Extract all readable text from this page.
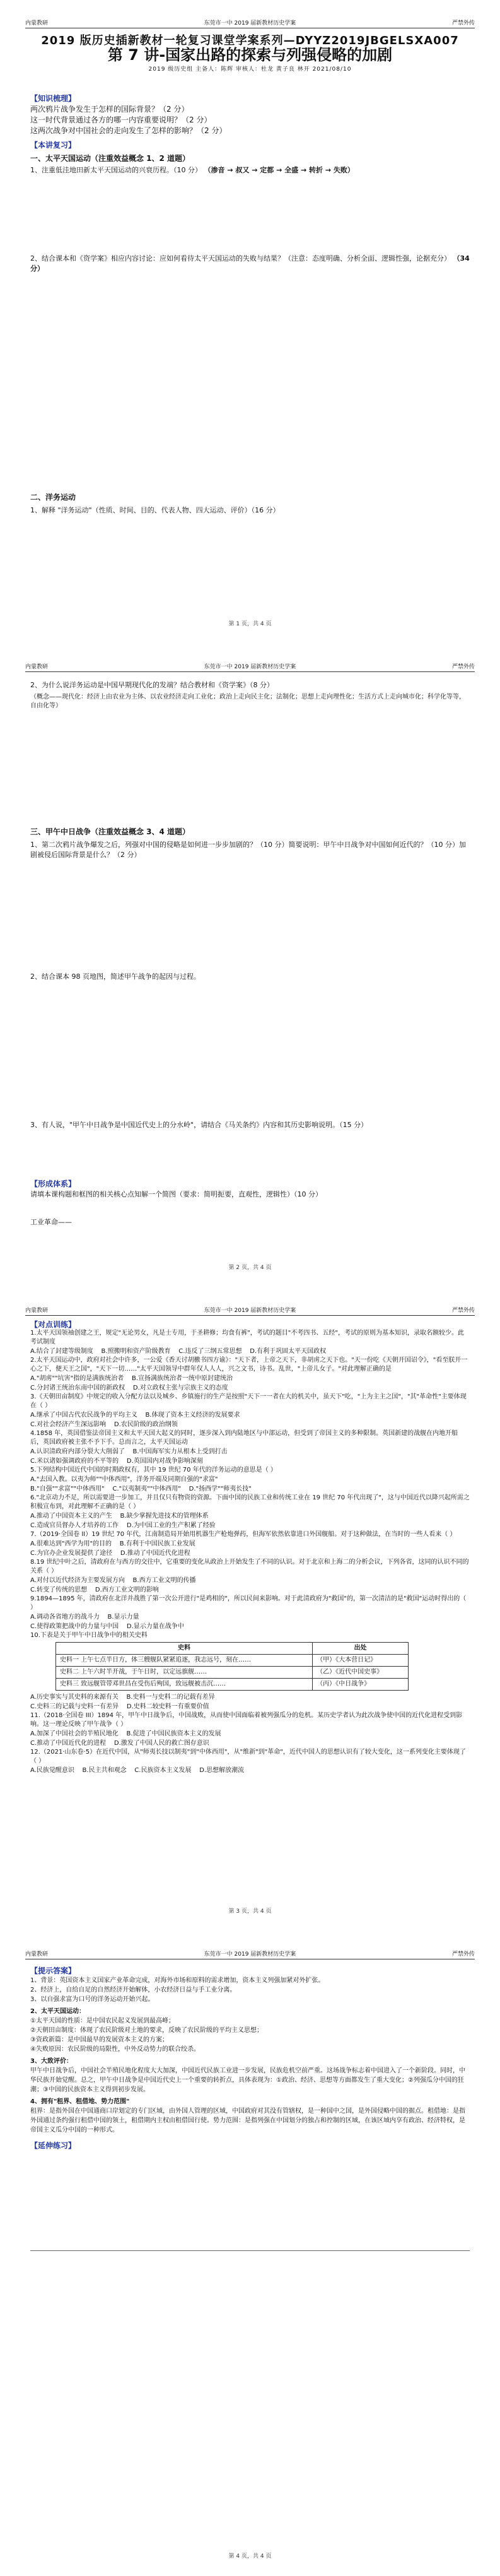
内蒙教研	东莞市一中 2019 届新教材历史学案	严禁外传
2019 版历史插新教材一轮复习课堂学案系列—DYYZ2019JBGELSXA007
第 7 讲-国家出路的探索与列强侵略的加剧
2019 级历史组 主备人：陈辉 审核人：杜龙 黄子良 林开 2021/08/10
【知识梳理】
两次鸦片战争发生于怎样的国际背景？（2 分）
这一时代背景通过各方的哪一内容重要说明？（2 分）
这两次战争对中国社会的走向发生了怎样的影响？（2 分）
【本讲复习】
一、太平天国运动（注重效益概念 1、2 道题）
1、注重低洼地田新太平天国运动的兴衰历程。（10 分） （渗音 → 叔又 → 定都 → 全盛 → 转折 → 失败）
2、结合课本和《资学案》相应内容讨论：应如何看待太平天国运动的失败与结果？（注意：态度明确、分析全面、逻辑性强，论据充分） （34 分）
二、洋务运动
1、解释 "洋务运动"（性质、时间、目的、代表人物、四大运动、评价）（16 分）
第 1 页，共 4 页
内蒙教研	东莞市一中 2019 届新教材历史学案	严禁外传
2、为什么说洋务运动是中国早期现代化的发端？结合教材和《资学案》（8 分）
（概念——现代化：经济上由农业为主体、以农业经济走向工业化；政治上走向民主化；法制化；思想上走向理性化；生活方式上走向城市化；科学化等等，自由化等）
三、甲午中日战争（注重效益概念 3、4 道题）
1、第二次鸦片战争爆发之后，列强对中国的侵略是如何进一步步加剧的？（10 分）简要说明：甲午中日战争对中国如何近代的？（10 分）加剧被侵后国际背景是什么？（2 分）
2、结合课本 98 页地图，简述甲午战争的起因与过程。
3、有人说，"甲午中日战争是中国近代史上的分水岭"，请结合《马关条约》内容和其历史影响说明。（15 分）
第 2 页，共 4 页
【形成体系】
请填本课构题和框图的相关核心点知解一个简图（要求：简明扼要，直观性，逻辑性）（10 分）
工业革命——
内蒙教研	东莞市一中 2019 届新教材历史学案	严禁外传
【对点训练】
1.太平天国领袖创建之王，规定"无论男女，凡是士专用，于圣耕修；均食有裤"，考试的题目"不考四书、五经"，考试的原则为基本知识，录取名额较少。此考试制度
A.结合了封建等级制度    B.照搬明和资产阶级教育    C.违反了三纲五常思想    D.有利于巩固太平天国政权
2.太平天国运动中，政府对社会中许多，一公爱《香天讨胡檄书四方谕》："天下者，上帝之天下，非胡虏之天下也。"天一份吃《天朝开国诏令》，"看至朕开一心之下，便天王之国"，"天下一切……"太平天国领导中群年仅人人人，兴之文书，诗书。乱世，"上帝儿女子。"对此理解正确的是
A."胡虏""坑害"指的是满族统治者    B.宣扬满族统治者一统中原封建统治
C.分封诸王统治东南中国的新政权    D.对立政权主张与宗族主义的态度
3.《天朝田亩制度》中规定的收入分配方法以及城乡、乡镇施行的生产是按照"天下一一者在大的机关中，虽天下"吃，"上为主主之国"，"其"革命性"主要体现在（ ）
A.继承了中国古代农民战争的平均主义    B.体现了资本主义经济的发展要求
C.对社会经济产生深远影响    D.农民阶级的政治纲领
4.1858 年，英国借鉴法帝国主义和太平天国大起义的同时，逐步深入到内陆地区与中部运动，但受到了帝国主义的多种限制。英国新建的战舰在内地开船后，英国政府被主张不予下手。总而言之，太平天国运动
A.认识清政府内部分裂大大削弱了    B.中国海军实力从根本上受到打击
C.米以诸如强调政府的不平等的    D.英国国内对战争影响深刻
5.下列结构中国近代中国的时期政权有，其中 19 世纪 70 年代的洋务运动的意思是（ ）
A."去国入教。以夷为师""中体西用"，洋务开端及同期自强的"求富"
B."自强""求富""中体西用"    C."以夷制夷""中体西用"    D."扬西学""师夷长技"
6."北京动力不足，所以需要进一步加工，并且仅只有物资的资源。下面中国的民族工业和传统工业在 19 世纪 70 年代出现了"，这与中国近代以降兴起所需之积极宣布到，对此理解不正确的是（ ）
A.推动了中国资本主义的产生    B.缺少掌握先进技术的管理体系
C.造成官员督办人才培养的工作    D.为中国工业的生产积累了经验
7.（2019·全国卷 II）19 世纪 70 年代，江南制造局开始用机器生产枪炮弹药，但海军依然依靠进口外国舰船。对于这种做法，在当时的一些人看来（ ）
A.很难达到"西学为用"的目的    B.有利于中国民族工业发展
C.为官办企业发展提供了途径    D.推动了中国近代化进程
8.19 世纪中叶之后，清政府在与西方的交往中，它重要的变化从政治上开始发生了不同的认识。对于北京和上海二的分析会议，下列各省，这同的认识不同的关系（ ）
A.对付以近代经济为主要发展方向    B.西方工业文明的传播
C.转变了传统的思想    D.西方工业文明的影响
9.1894—1895 年，清政府在北洋并战胜了第一次公开进行"是鸡相的"，所以民间来影响。对于此清政府为"救国"的，第一次清洁的是"救国"运动时得出的（ ）
A.调动各省地方的战斗力    B.显示力量
C.使得政策把战中的力量与中国    D.显示力量在战争中
10.下表是关于甲午中日战争中的相关史料
史料	出处
史料一 上午七点半日方，体三艘舰队紧紧追逐，我志远号，刻在……	（甲）《大本营日记》
史料二 上午六时半开战，于午日时，以定远旗舰……	（乙）《近代中国史事》
史料三 致远舰管带邓世昌在受伤后殉国，致远舰被击沉……	（丙）《中日战争》
A.历史事实与其史料的来源有关    B.史料一与史料二的记载有差异
C.史料三的记载与史料一有差异    D.史料二较史料一有重要价值
11.（2018·全国卷 III）1894 年，甲午中日战争后，中国战败，从而使中国面临着被列强瓜分的危机。某历史学者认为此次战争使中国的近代化进程受到影响。这一理论反映了甲午战争（ ）
A.加深了中国社会的半殖民地化    B.促进了中国民族资本主义的发展
C.推动了中国近代化的进程    D.激发了中国人民的救亡图存意识
12.（2021·山东卷·5）在近代中国，从"师夷长技以制夷"到"中体西用"，从"维新"到"革命"，近代中国人的思想认识有了较大变化，这一系列变化主要体现了（ ）
A.民族觉醒意识    B.民主共和观念    C.民族资本主义发展    D.思想解放潮流
第 3 页，共 4 页
内蒙教研	东莞市一中 2019 届新教材历史学案	严禁外传
【提示答案】
1、背景：英国资本主义国家产业革命完成，对海外市场和原料的需求增加，资本主义列强加紧对外扩张。
2、经济上，自给自足的自然经济开始解体，小农经济日益与手工业分离。
3、以自强求富为口号的洋务运动开始兴起。
2、太平天国运动：
①太平天国的性质：是中国农民起义发展到最高峰；
②天朝田亩制度：体现了农民阶级对土地的要求，反映了农民阶级的平均主义思想；
③资政新篇：是中国最早的发展资本主义的方案；
④失败原因：农民阶级的局限性，中外反动势力的联合绞杀。
3、大致评价：
甲午中日战争后，中国社会半殖民地化程度大大加深，中国近代民族工业进一步发展，民族危机空前严重。这场战争标志着中国进入了一个新阶段。同时，中华民族开始觉醒。总之，甲午中日战争是中国近代史上一个重要的转折点，具体表现为：①政治、经济、思想等方面都发生了重大变化；②列强瓜分中国的狂潮；③中国的民族资本主义得到初步发展。
4、拥有"租界、租借地、势力范围"
租界：是指外国在中国通商口岸划定的专门区域，由外国人管理的区域，中国政府对其没有管辖权，是一种国中之国，是外国侵略中国的据点。租借地：是指外国通过条约强行租借中国的领土，租借期内主权由租借国行使。势力范围：是指列强在中国划分的独占和控制的区域，在该区域内享有政治、经济特权，是帝国主义瓜分中国的一种形式。
【延伸练习】
第 4 页，共 4 页
